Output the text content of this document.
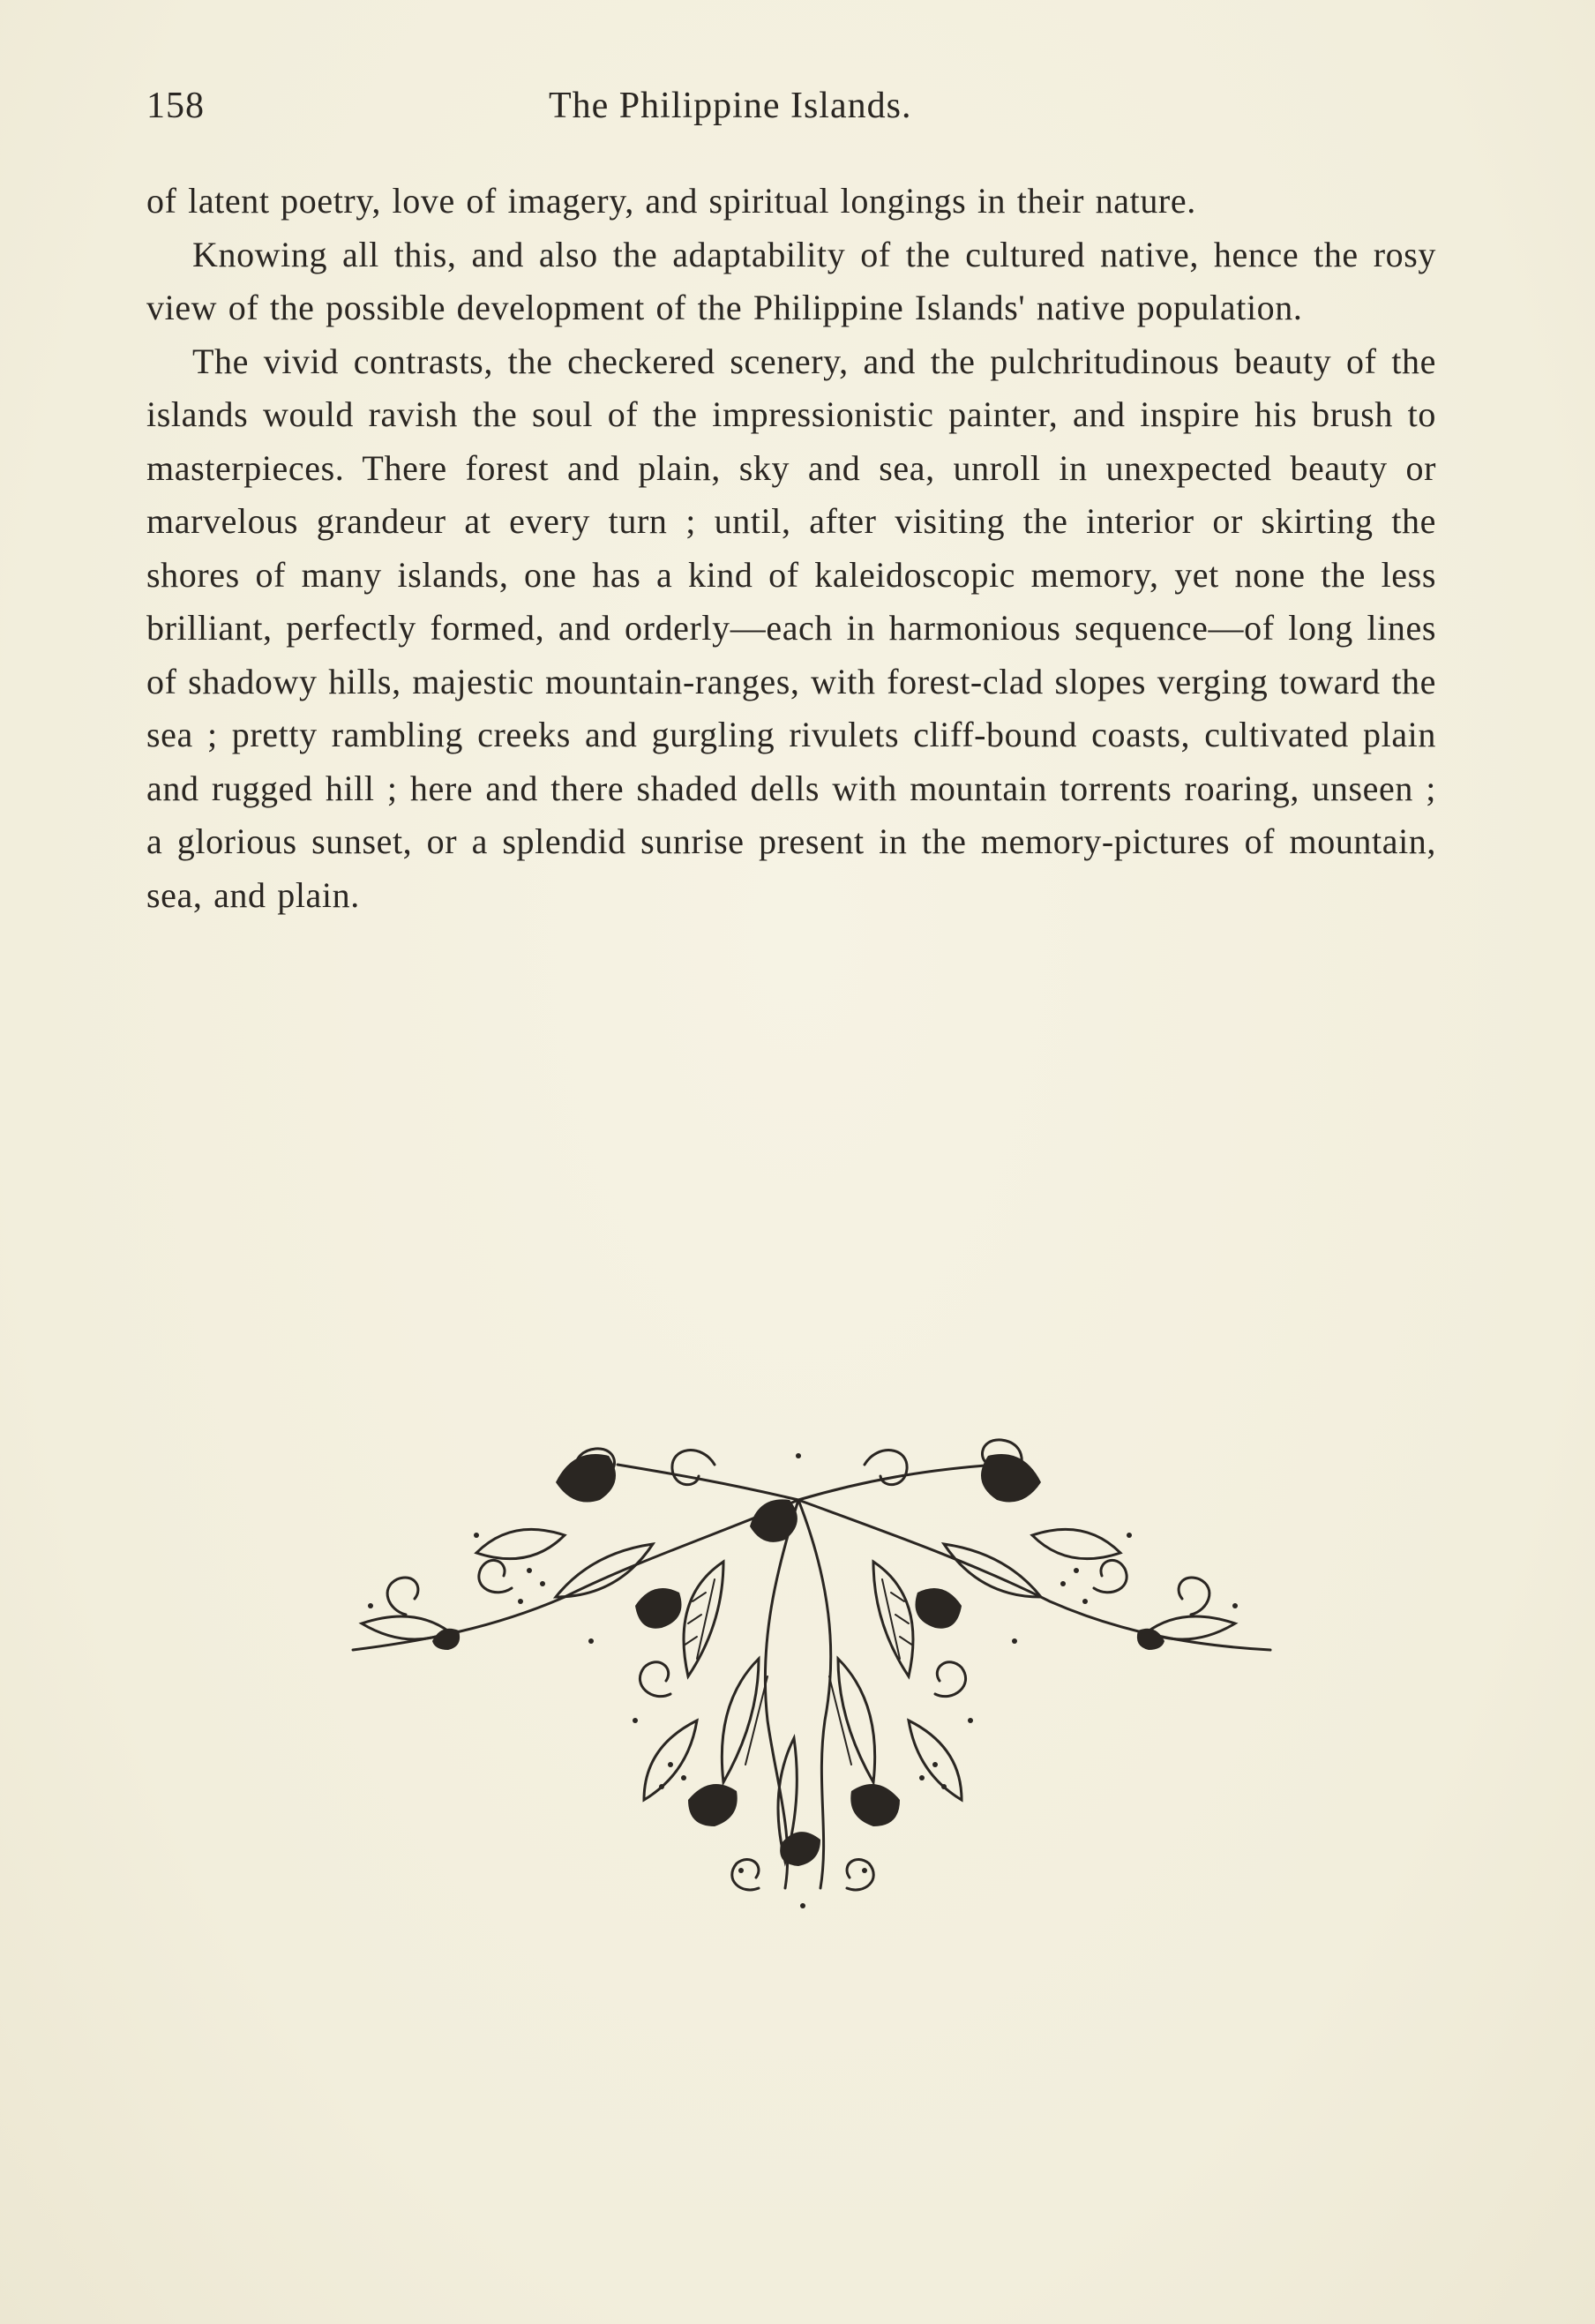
158	The Philippine Islands.

of latent poetry, love of imagery, and spiritual longings in their nature.

Knowing all this, and also the adaptability of the cultured native, hence the rosy view of the possible development of the Philippine Islands' native population.

The vivid contrasts, the checkered scenery, and the pulchritudinous beauty of the islands would ravish the soul of the impressionistic painter, and inspire his brush to masterpieces. There forest and plain, sky and sea, unroll in unexpected beauty or marvelous grandeur at every turn ; until, after visiting the interior or skirting the shores of many islands, one has a kind of kaleidoscopic memory, yet none the less brilliant, perfectly formed, and orderly—each in harmonious sequence—of long lines of shadowy hills, majestic mountain-ranges, with forest-clad slopes verging toward the sea ; pretty rambling creeks and gurgling rivulets cliff-bound coasts, cultivated plain and rugged hill ; here and there shaded dells with mountain torrents roaring, unseen ; a glorious sunset, or a splendid sunrise present in the memory-pictures of mountain, sea, and plain.
